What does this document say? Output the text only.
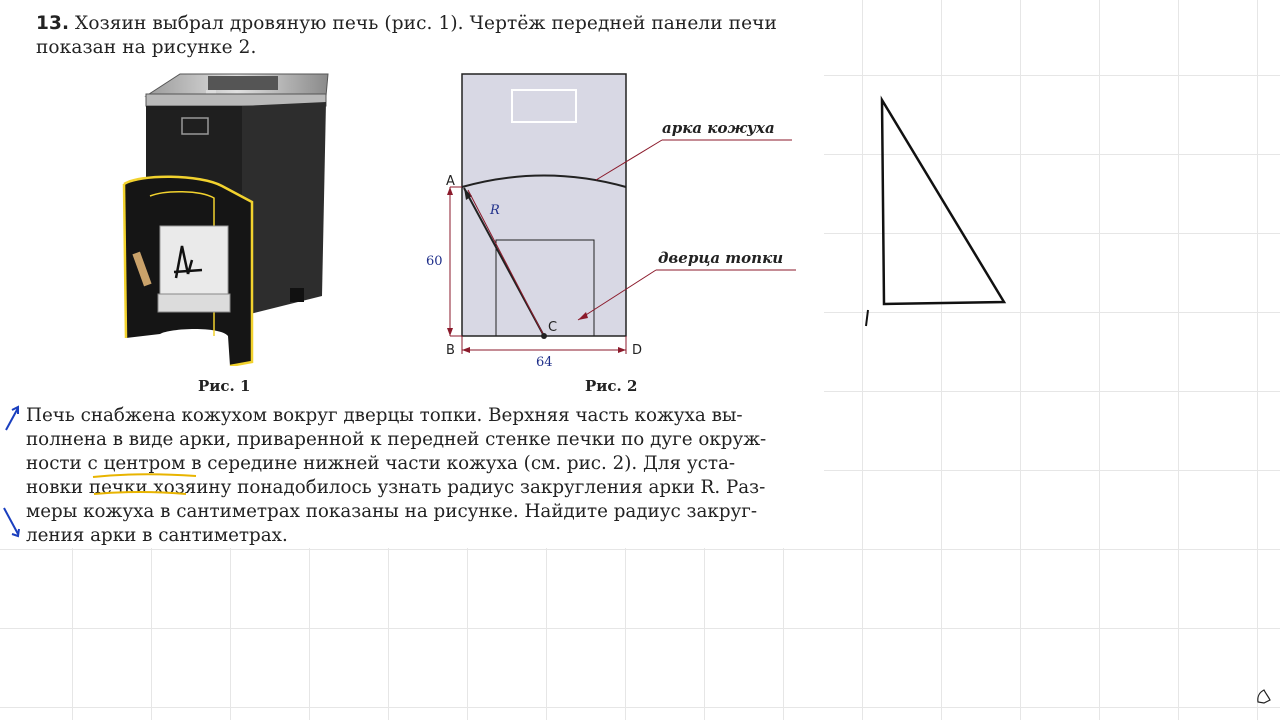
13. Хозяин выбрал дровяную печь (рис. 1). Чертёж передней панели печи
показан на рисунке 2.
Рис. 1
арка кожуха
дверца топки
A
B
C
D
R
60
64
Рис. 2
Печь снабжена кожухом вокруг дверцы топки. Верхняя часть кожуха вы-
полнена в виде арки, приваренной к передней стенке печки по дуге окруж-
ности с центром в середине нижней части кожуха (см. рис. 2). Для уста-
новки печки хозяину понадобилось узнать радиус закругления арки R. Раз-
меры кожуха в сантиметрах показаны на рисунке. Найдите радиус закруг-
ления арки в сантиметрах.
